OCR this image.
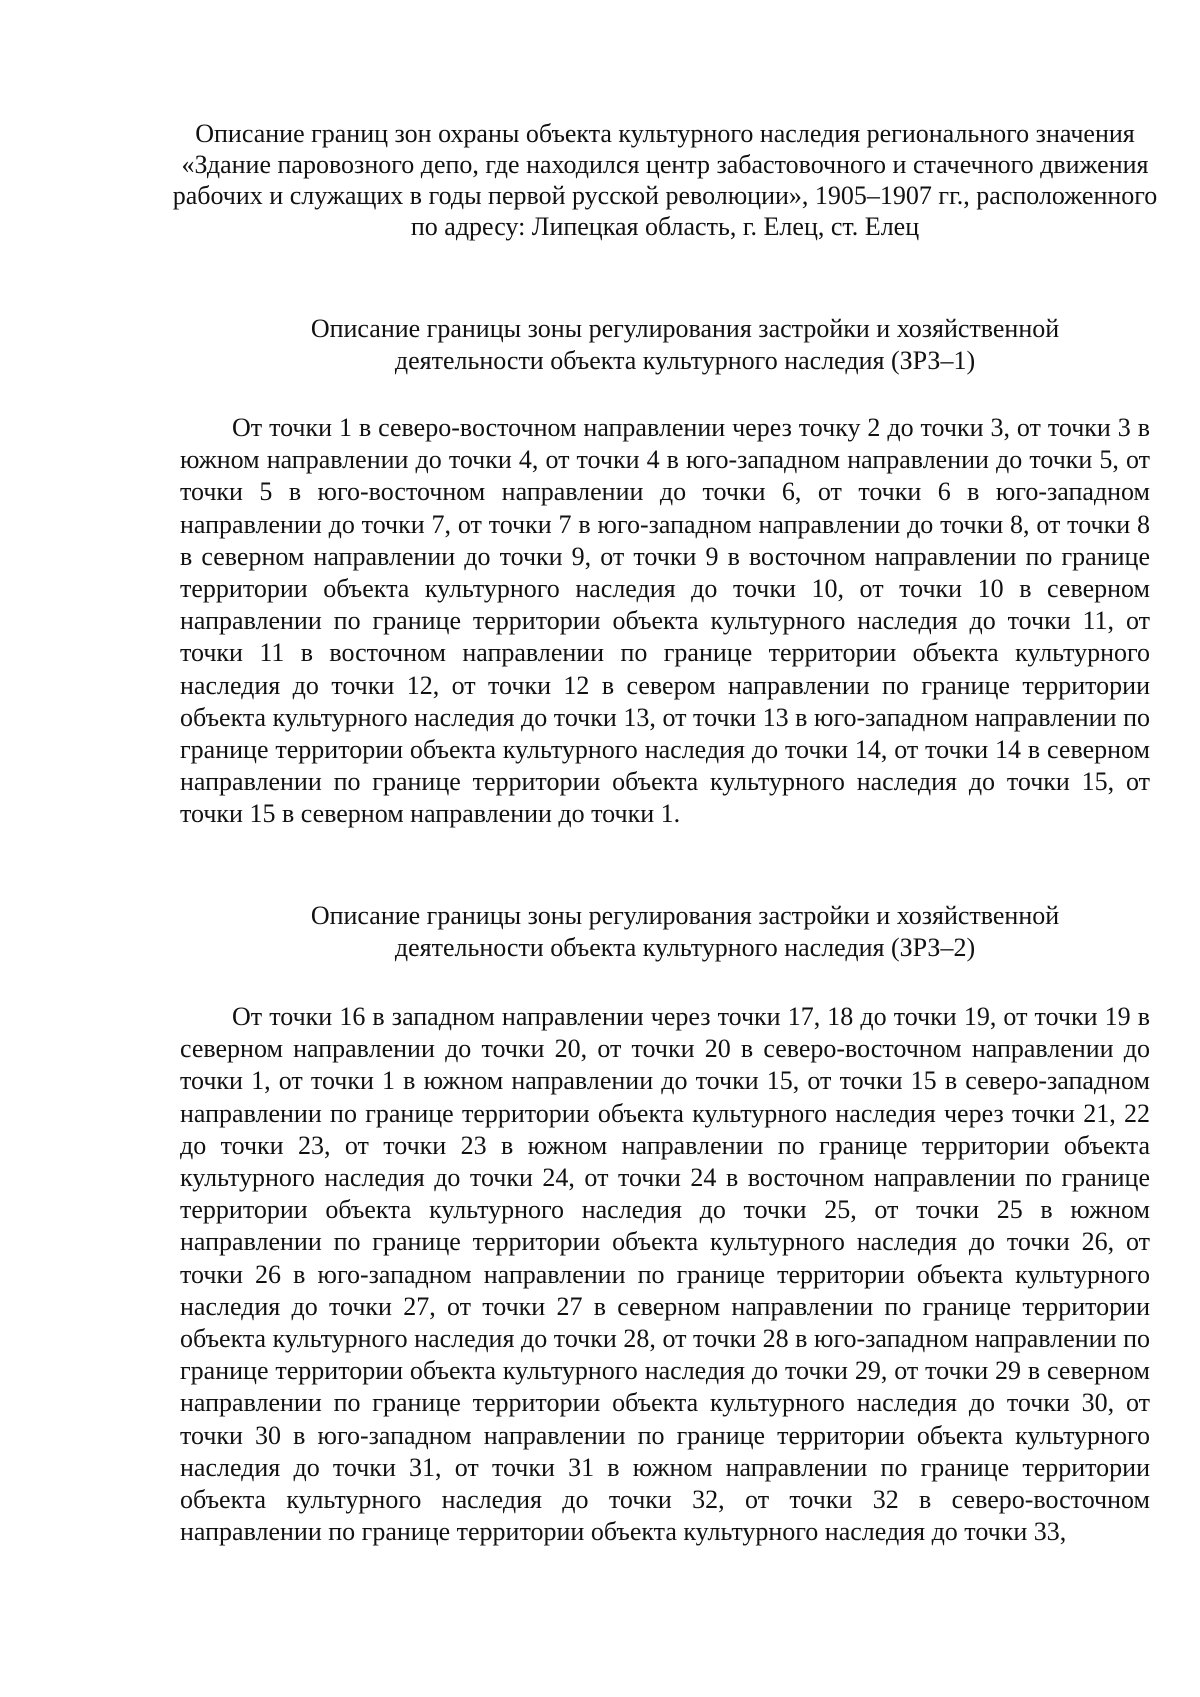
Описание границ зон охраны объекта культурного наследия регионального значения «Здание паровозного депо, где находился центр забастовочного и стачечного движения рабочих и служащих в годы первой русской революции», 1905–1907 гг., расположенного по адресу: Липецкая область, г. Елец, ст. Елец
Описание границы зоны регулирования застройки и хозяйственной деятельности объекта культурного наследия (ЗРЗ–1)

От точки 1 в северо-восточном направлении через точку 2 до точки 3, от точки 3 в южном направлении до точки 4, от точки 4 в юго-западном направлении до точки 5, от точки 5 в юго-восточном направлении до точки 6, от точки 6 в юго-западном направлении до точки 7, от точки 7 в юго-западном направлении до точки 8, от точки 8 в северном направлении до точки 9, от точки 9 в восточном направлении по границе территории объекта культурного наследия до точки 10, от точки 10 в северном направлении по границе территории объекта культурного наследия до точки 11, от точки 11 в восточном направлении по границе территории объекта культурного наследия до точки 12, от точки 12 в севером направлении по границе территории объекта культурного наследия до точки 13, от точки 13 в юго-западном направлении по границе территории объекта культурного наследия до точки 14, от точки 14 в северном направлении по границе территории объекта культурного наследия до точки 15, от точки 15 в северном направлении до точки 1.

Описание границы зоны регулирования застройки и хозяйственной деятельности объекта культурного наследия (ЗРЗ–2)

От точки 16 в западном направлении через точки 17, 18 до точки 19, от точки 19 в северном направлении до точки 20, от точки 20 в северо-восточном направлении до точки 1, от точки 1 в южном направлении до точки 15, от точки 15 в северо-западном направлении по границе территории объекта культурного наследия через точки 21, 22 до точки 23, от точки 23 в южном направлении по границе территории объекта культурного наследия до точки 24, от точки 24 в восточном направлении по границе территории объекта культурного наследия до точки 25, от точки 25 в южном направлении по границе территории объекта культурного наследия до точки 26, от точки 26 в юго-западном направлении по границе территории объекта культурного наследия до точки 27, от точки 27 в северном направлении по границе территории объекта культурного наследия до точки 28, от точки 28 в юго-западном направлении по границе территории объекта культурного наследия до точки 29, от точки 29 в северном направлении по границе территории объекта культурного наследия до точки 30, от точки 30 в юго-западном направлении по границе территории объекта культурного наследия до точки 31, от точки 31 в южном направлении по границе территории объекта культурного наследия до точки 32, от точки 32 в северо-восточном направлении по границе территории объекта культурного наследия до точки 33,
